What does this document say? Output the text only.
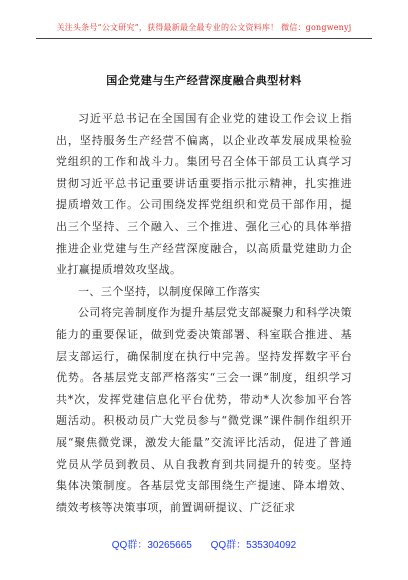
关注头条号“公文研究”，获得最新最全最专业的公文资料库！ 微信：gongwenyj
国企党建与生产经营深度融合典型材料

习近平总书记在全国国有企业党的建设工作会议上指出，坚持服务生产经营不偏离，以企业改革发展成果检验党组织的工作和战斗力。集团号召全体干部员工认真学习贯彻习近平总书记重要讲话重要指示批示精神，扎实推进提质增效工作。公司围绕发挥党组织和党员干部作用，提出三个坚持、三个融入、三个推进、强化三心的具体举措推进企业党建与生产经营深度融合，以高质量党建助力企业打赢提质增效攻坚战。

一、三个坚持，以制度保障工作落实

公司将完善制度作为提升基层党支部凝聚力和科学决策能力的重要保证，做到党委决策部署、科室联合推进、基层支部运行，确保制度在执行中完善。坚持发挥数字平台优势。各基层党支部严格落实“三会一课”制度，组织学习共*次，发挥党建信息化平台优势，带动*人次参加平台答题活动。积极动员广大党员参与“微党课”课件制作组织开展“聚焦微党课，激发大能量”交流评比活动，促进了普通党员从学员到教员、从自我教育到共同提升的转变。坚持集体决策制度。各基层党支部围绕生产提速、降本增效、绩效考核等决策事项，前置调研提议、广泛征求

QQ群：30265665 QQ群：535304092
